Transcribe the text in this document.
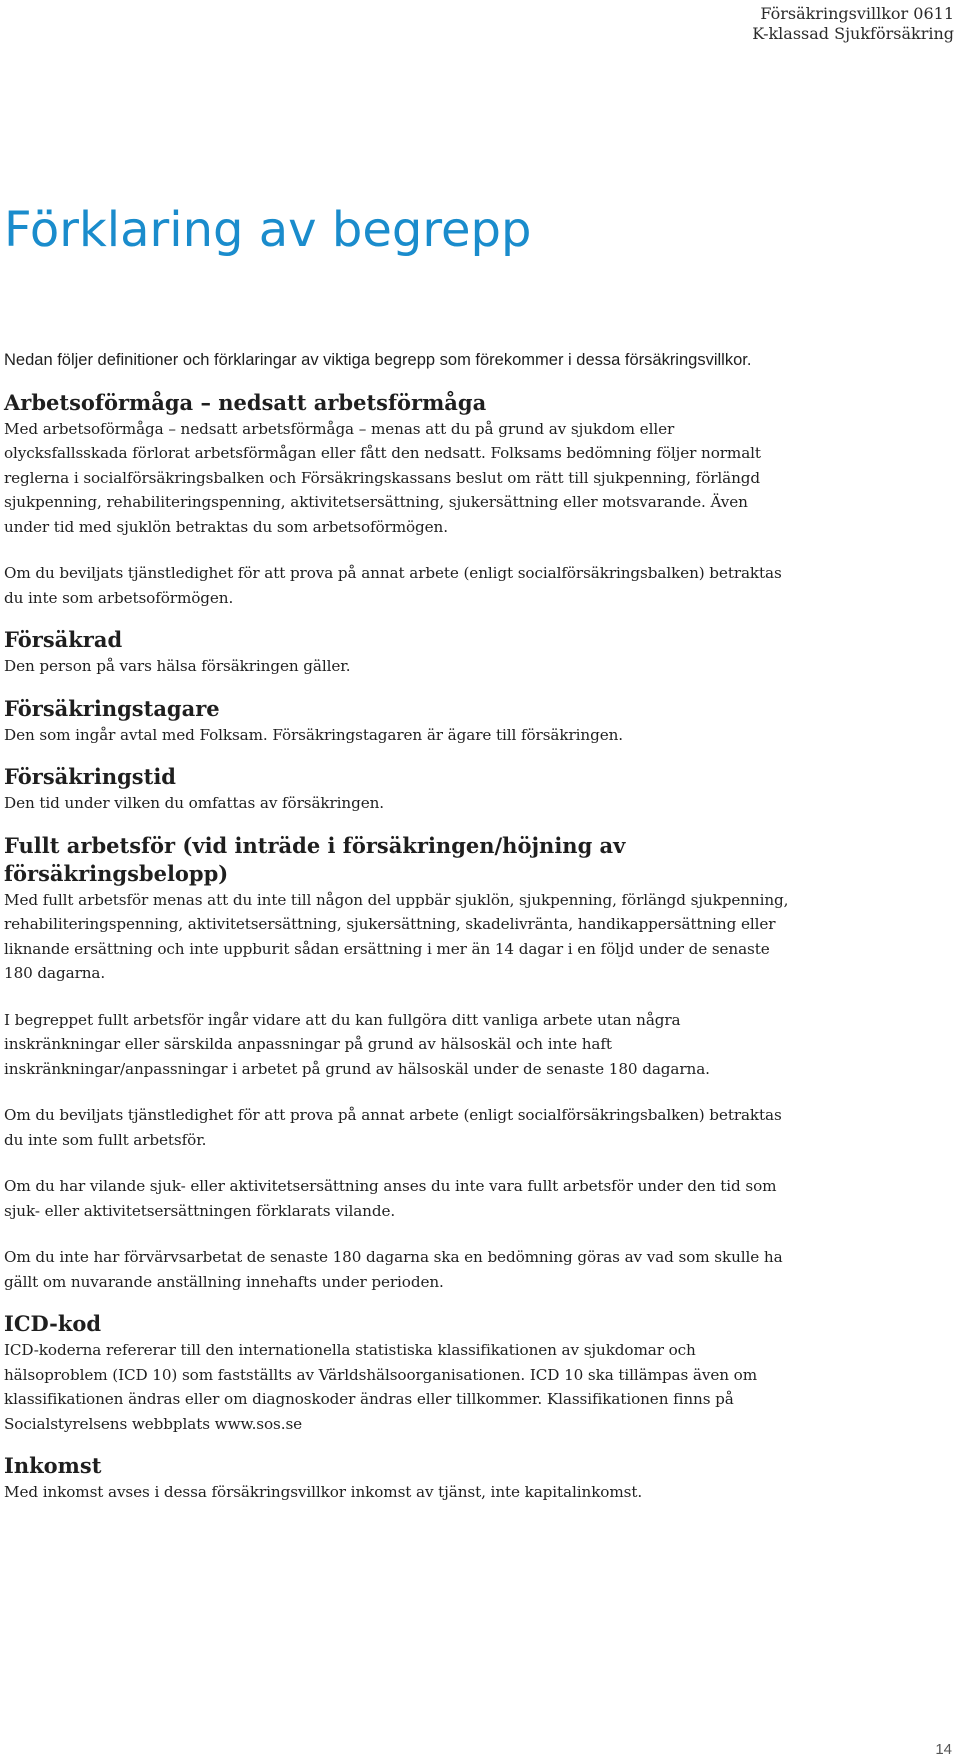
Försäkringsvillkor 0611
K-klassad Sjukförsäkring
Förklaring av begrepp

Nedan följer definitioner och förklaringar av viktiga begrepp som förekommer i dessa försäkringsvillkor.

Arbetsoförmåga – nedsatt arbetsförmåga

Med arbetsoförmåga – nedsatt arbetsförmåga – menas att du på grund av sjukdom eller olycksfallsskada förlorat arbetsförmågan eller fått den nedsatt. Folksams bedömning följer normalt reglerna i socialförsäkringsbalken och Försäkringskassans beslut om rätt till sjukpenning, förlängd sjukpenning, rehabiliteringspenning, aktivitetsersättning, sjukersättning eller motsvarande. Även under tid med sjuklön betraktas du som arbetsoförmögen.

Om du beviljats tjänstledighet för att prova på annat arbete (enligt socialförsäkringsbalken) betraktas du inte som arbetsoförmögen.

Försäkrad

Den person på vars hälsa försäkringen gäller.

Försäkringstagare

Den som ingår avtal med Folksam. Försäkringstagaren är ägare till försäkringen.

Försäkringstid

Den tid under vilken du omfattas av försäkringen.

Fullt arbetsför (vid inträde i försäkringen/höjning av försäkringsbelopp)

Med fullt arbetsför menas att du inte till någon del uppbär sjuklön, sjukpenning, förlängd sjukpenning, rehabiliteringspenning, aktivitetsersättning, sjukersättning, skadelivränta, handikappersättning eller liknande ersättning och inte uppburit sådan ersättning i mer än 14 dagar i en följd under de senaste 180 dagarna.

I begreppet fullt arbetsför ingår vidare att du kan fullgöra ditt vanliga arbete utan några inskränkningar eller särskilda anpassningar på grund av hälsoskäl och inte haft inskränkningar/anpassningar i arbetet på grund av hälsoskäl under de senaste 180 dagarna.

Om du beviljats tjänstledighet för att prova på annat arbete (enligt socialförsäkringsbalken) betraktas du inte som fullt arbetsför.

Om du har vilande sjuk- eller aktivitetsersättning anses du inte vara fullt arbetsför under den tid som sjuk- eller aktivitetsersättningen förklarats vilande.

Om du inte har förvärvsarbetat de senaste 180 dagarna ska en bedömning göras av vad som skulle ha gällt om nuvarande anställning innehafts under perioden.

ICD-kod

ICD-koderna refererar till den internationella statistiska klassifikationen av sjukdomar och hälsoproblem (ICD 10) som fastställts av Världshälsoorganisationen. ICD 10 ska tillämpas även om klassifikationen ändras eller om diagnoskoder ändras eller tillkommer. Klassifikationen finns på Socialstyrelsens webbplats www.sos.se

Inkomst

Med inkomst avses i dessa försäkringsvillkor inkomst av tjänst, inte kapitalinkomst.

14
